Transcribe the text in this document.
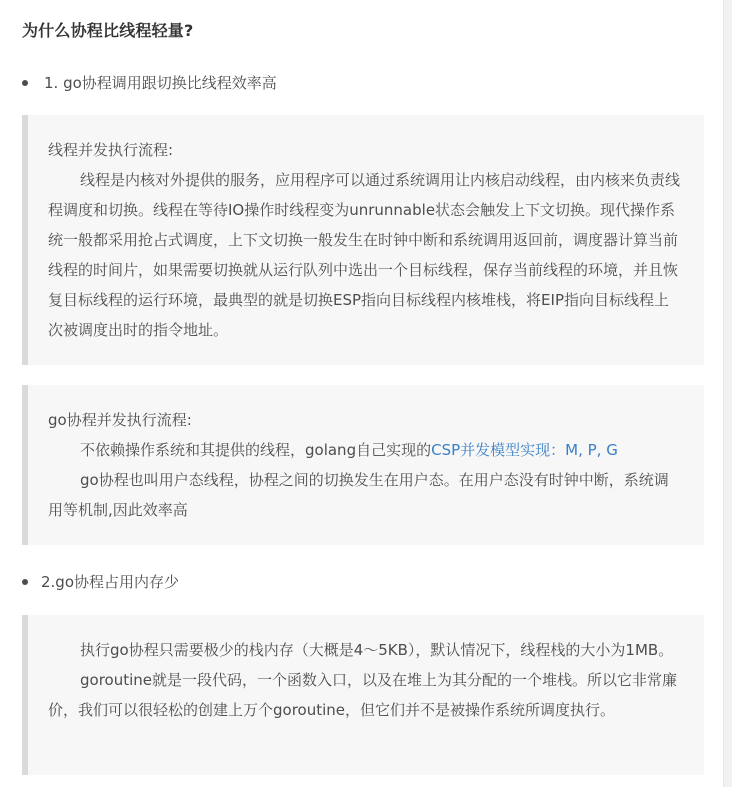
为什么协程比线程轻量?
1. go协程调用跟切换比线程效率高

线程并发执行流程:

线程是内核对外提供的服务，应用程序可以通过系统调用让内核启动线程，由内核来负责线程调度和切换。线程在等待IO操作时线程变为unrunnable状态会触发上下文切换。现代操作系统一般都采用抢占式调度，上下文切换一般发生在时钟中断和系统调用返回前，调度器计算当前线程的时间片，如果需要切换就从运行队列中选出一个目标线程，保存当前线程的环境，并且恢复目标线程的运行环境，最典型的就是切换ESP指向目标线程内核堆栈，将EIP指向目标线程上次被调度出时的指令地址。

go协程并发执行流程:

不依赖操作系统和其提供的线程，golang自己实现的CSP并发模型实现：M, P, G

go协程也叫用户态线程，协程之间的切换发生在用户态。在用户态没有时钟中断，系统调用等机制,因此效率高

2.go协程占用内存少

执行go协程只需要极少的栈内存（大概是4～5KB），默认情况下，线程栈的大小为1MB。

goroutine就是一段代码，一个函数入口，以及在堆上为其分配的一个堆栈。所以它非常廉价，我们可以很轻松的创建上万个goroutine，但它们并不是被操作系统所调度执行。
